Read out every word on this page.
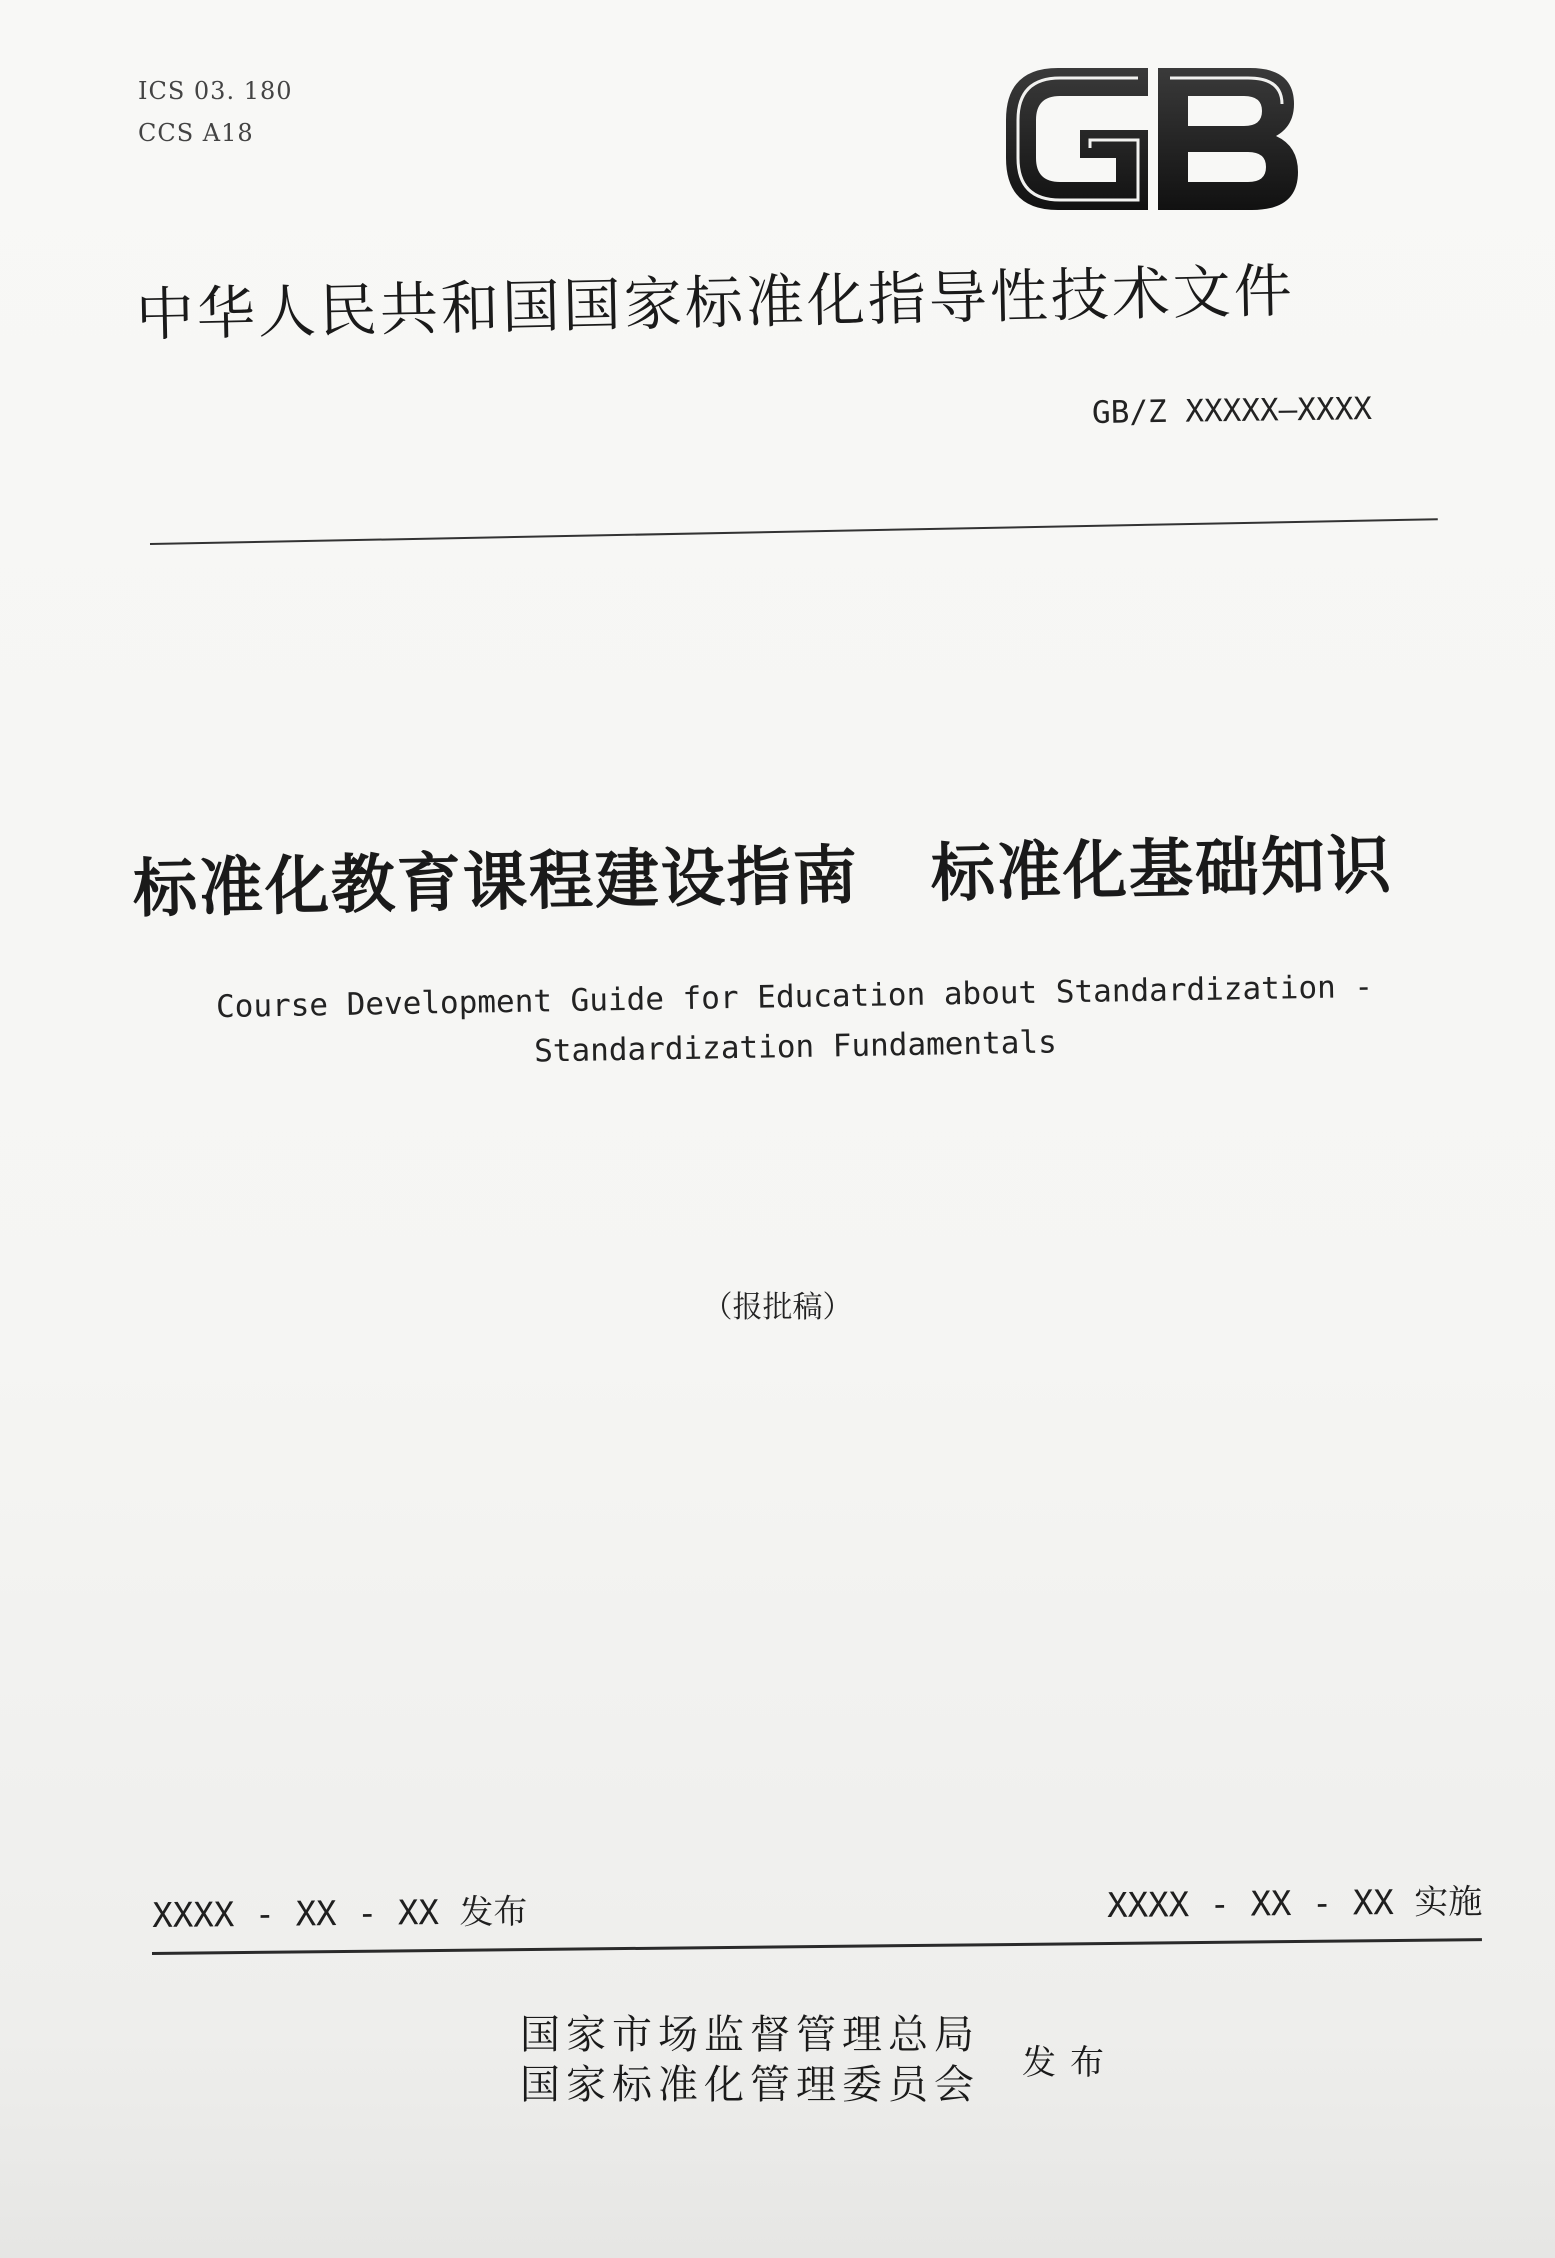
ICS 03. 180
CCS A18
中华人民共和国国家标准化指导性技术文件
GB/Z XXXXX—XXXX
标准化教育课程建设指南 标准化基础知识
Course Development Guide for Education about Standardization -
Standardization Fundamentals
（报批稿）
XXXX - XX - XX 发布	XXXX - XX - XX 实施
国家市场监督管理总局
国家标准化管理委员会 发布
